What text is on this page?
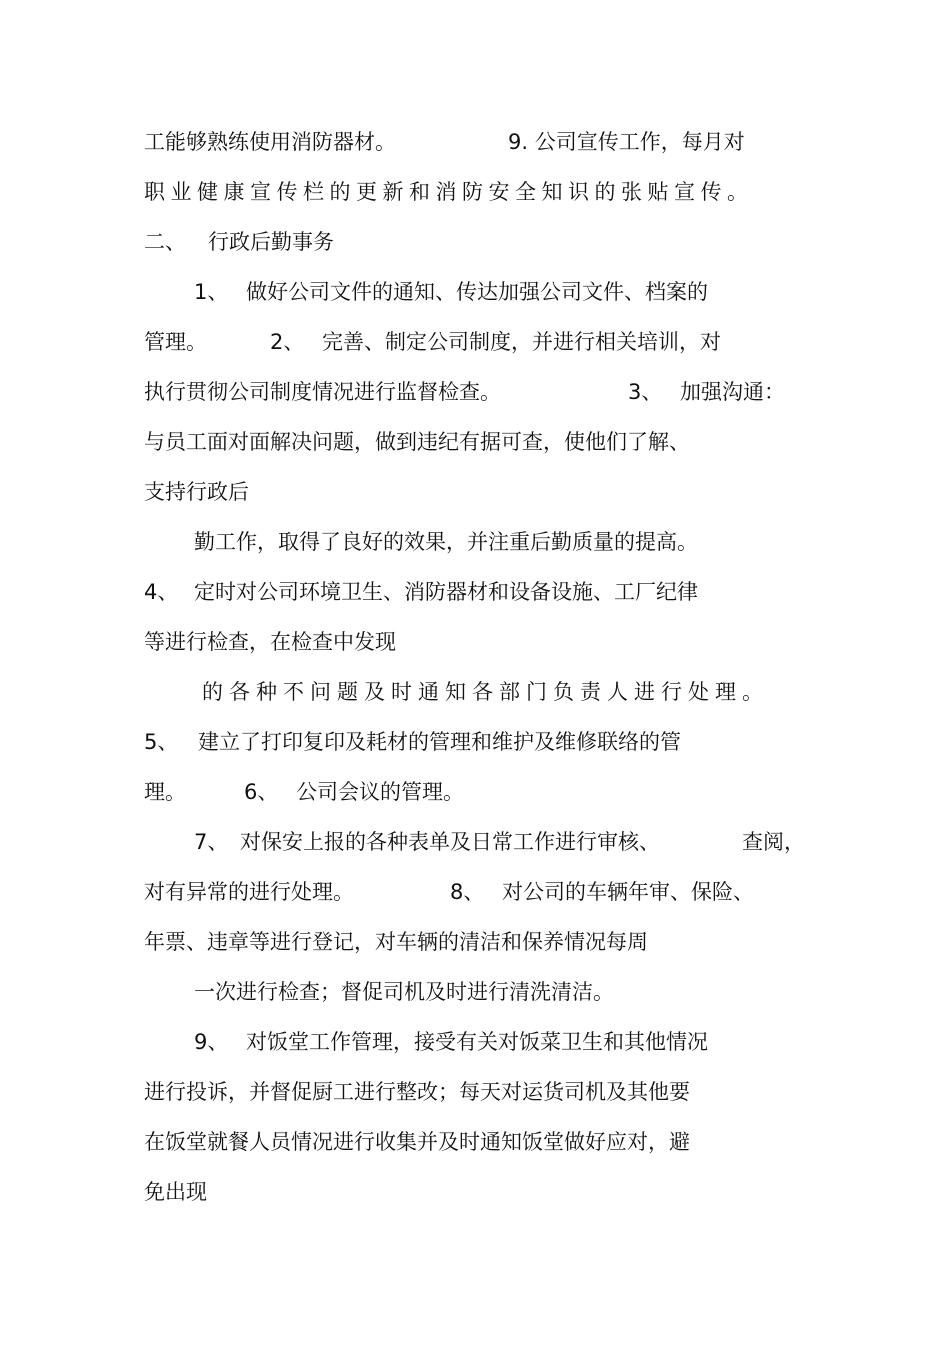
工能够熟练使用消防器材。	9. 公司宣传工作，每月对

职业健康宣传栏的更新和消防安全知识的张贴宣传。

二、 行政后勤事务

1、 做好公司文件的通知、传达加强公司文件、档案的

管理。	2、 完善、制定公司制度，并进行相关培训，对

执行贯彻公司制度情况进行监督检查。	3、 加强沟通：

与员工面对面解决问题，做到违纪有据可查，使他们了解、

支持行政后

勤工作，取得了良好的效果，并注重后勤质量的提高。

4、 定时对公司环境卫生、消防器材和设备设施、工厂纪律

等进行检查，在检查中发现

的各种不问题及时通知各部门负责人进行处理。

5、 建立了打印复印及耗材的管理和维护及维修联络的管

理。	6、 公司会议的管理。

7、 对保安上报的各种表单及日常工作进行审核、	查阅，

对有异常的进行处理。	8、 对公司的车辆年审、保险、

年票、违章等进行登记，对车辆的清洁和保养情况每周

一次进行检查；督促司机及时进行清洗清洁。

9、 对饭堂工作管理，接受有关对饭菜卫生和其他情况

进行投诉，并督促厨工进行整改；每天对运货司机及其他要

在饭堂就餐人员情况进行收集并及时通知饭堂做好应对，避

免出现
